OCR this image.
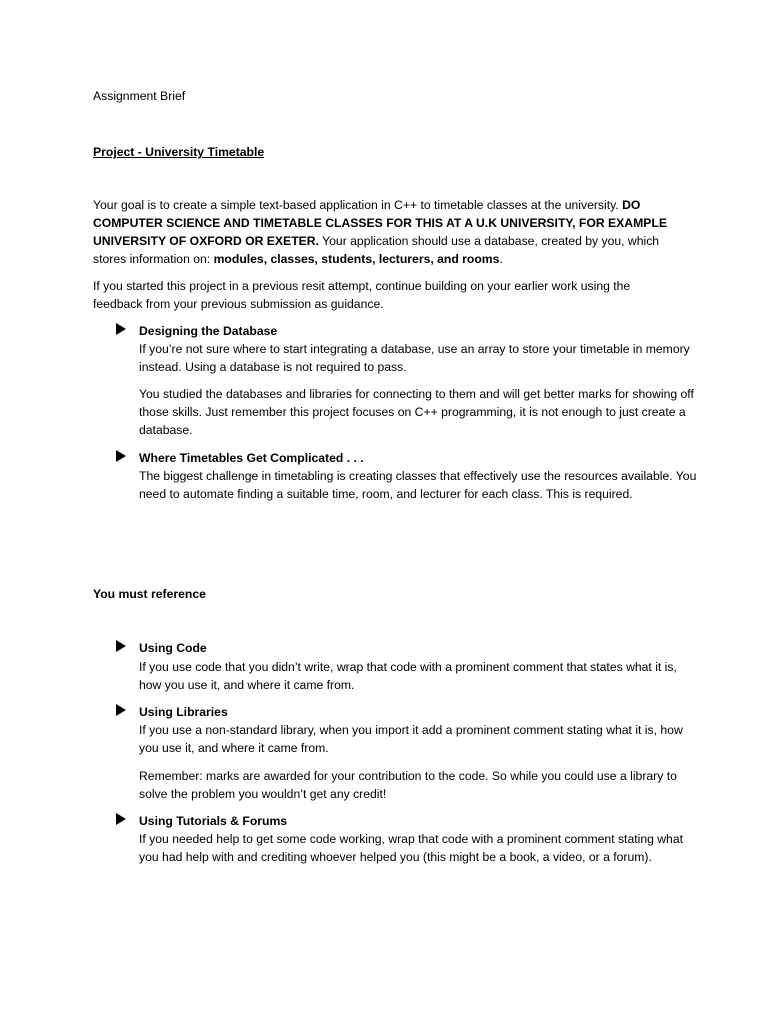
Assignment Brief

Project - University Timetable

Your goal is to create a simple text-based application in C++ to timetable classes at the university. DO COMPUTER SCIENCE AND TIMETABLE CLASSES FOR THIS AT A U.K UNIVERSITY, FOR EXAMPLE UNIVERSITY OF OXFORD OR EXETER. Your application should use a database, created by you, which stores information on: modules, classes, students, lecturers, and rooms.

If you started this project in a previous resit attempt, continue building on your earlier work using the feedback from your previous submission as guidance.

Designing the Database

If you’re not sure where to start integrating a database, use an array to store your timetable in memory instead. Using a database is not required to pass.

You studied the databases and libraries for connecting to them and will get better marks for showing off those skills. Just remember this project focuses on C++ programming, it is not enough to just create a database.

Where Timetables Get Complicated . . .

The biggest challenge in timetabling is creating classes that effectively use the resources available. You need to automate finding a suitable time, room, and lecturer for each class. This is required.

You must reference

Using Code

If you use code that you didn’t write, wrap that code with a prominent comment that states what it is, how you use it, and where it came from.

Using Libraries

If you use a non-standard library, when you import it add a prominent comment stating what it is, how you use it, and where it came from.

Remember: marks are awarded for your contribution to the code. So while you could use a library to solve the problem you wouldn’t get any credit!

Using Tutorials & Forums

If you needed help to get some code working, wrap that code with a prominent comment stating what you had help with and crediting whoever helped you (this might be a book, a video, or a forum).
